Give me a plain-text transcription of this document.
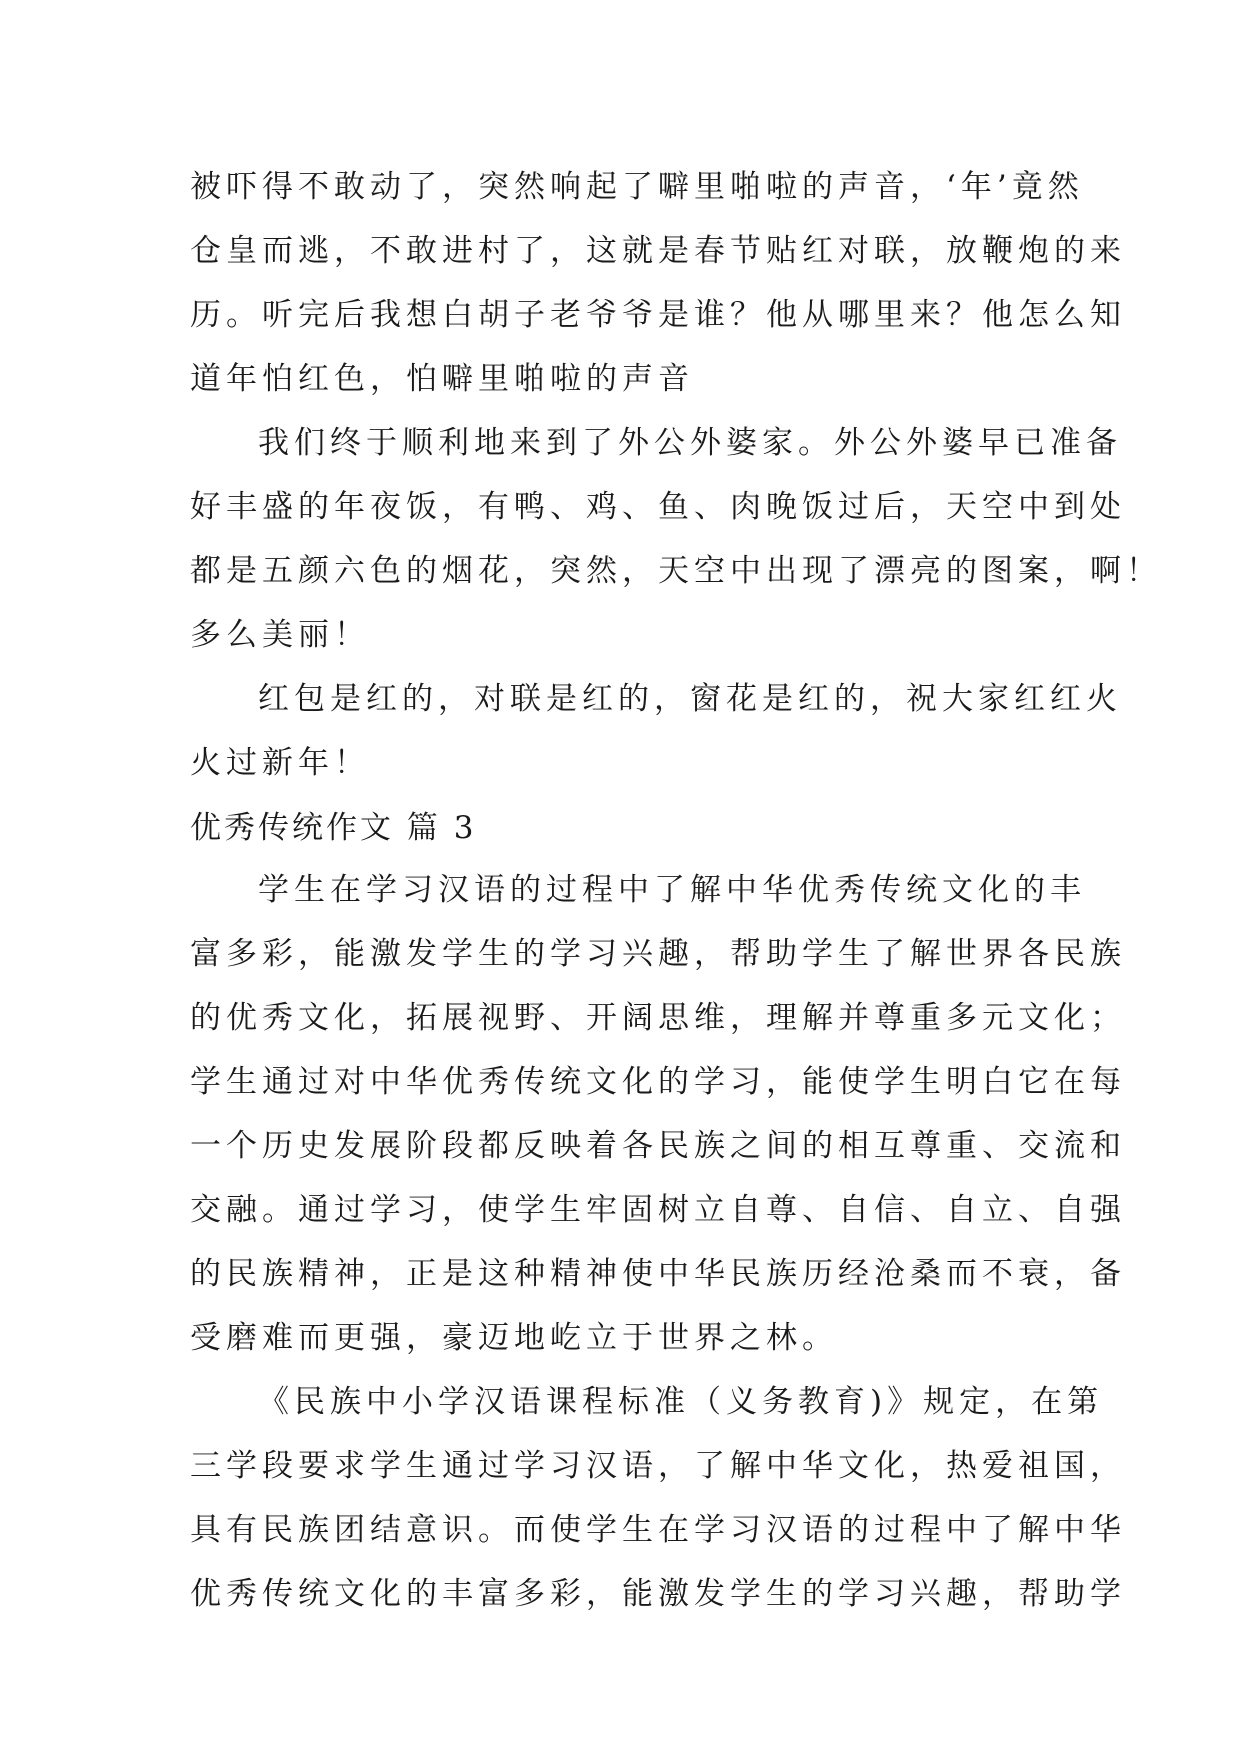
被吓得不敢动了，突然响起了噼里啪啦的声音，‘年’竟然
仓皇而逃，不敢进村了，这就是春节贴红对联，放鞭炮的来
历。听完后我想白胡子老爷爷是谁？他从哪里来？他怎么知
道年怕红色，怕噼里啪啦的声音
我们终于顺利地来到了外公外婆家。外公外婆早已准备
好丰盛的年夜饭，有鸭、鸡、鱼、肉晚饭过后，天空中到处
都是五颜六色的烟花，突然，天空中出现了漂亮的图案，啊！
多么美丽！
红包是红的，对联是红的，窗花是红的，祝大家红红火
火过新年！
优秀传统作文 篇 3
学生在学习汉语的过程中了解中华优秀传统文化的丰
富多彩，能激发学生的学习兴趣，帮助学生了解世界各民族
的优秀文化，拓展视野、开阔思维，理解并尊重多元文化；
学生通过对中华优秀传统文化的学习，能使学生明白它在每
一个历史发展阶段都反映着各民族之间的相互尊重、交流和
交融。通过学习，使学生牢固树立自尊、自信、自立、自强
的民族精神，正是这种精神使中华民族历经沧桑而不衰，备
受磨难而更强，豪迈地屹立于世界之林。
《民族中小学汉语课程标准（义务教育)》规定，在第
三学段要求学生通过学习汉语，了解中华文化，热爱祖国，
具有民族团结意识。而使学生在学习汉语的过程中了解中华
优秀传统文化的丰富多彩，能激发学生的学习兴趣，帮助学
